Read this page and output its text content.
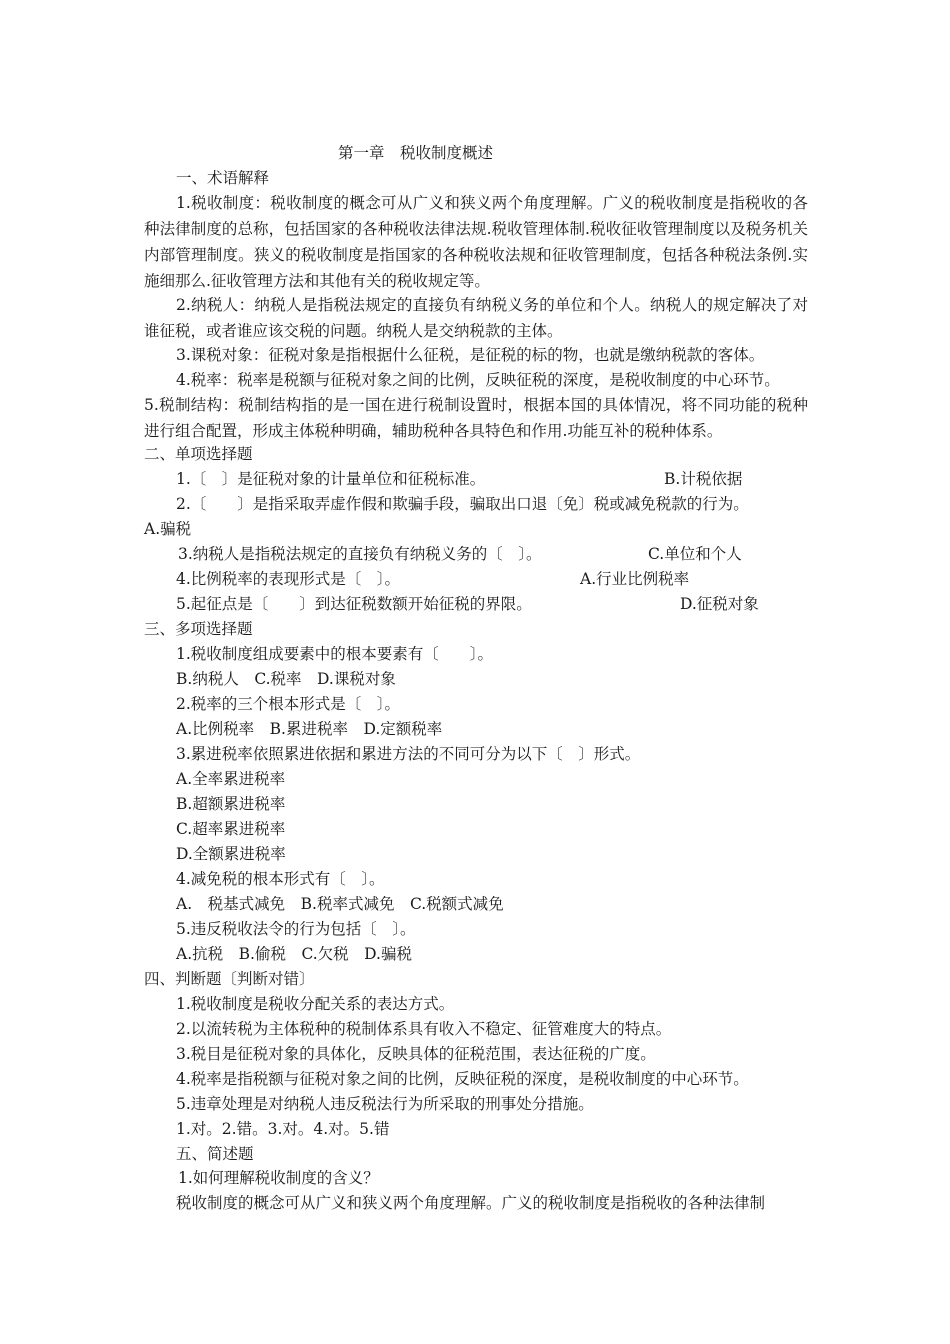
第一章　税收制度概述

一、术语解释

1.税收制度：税收制度的概念可从广义和狭义两个角度理解。广义的税收制度是指税收的各种法律制度的总称，包括国家的各种税收法律法规.税收管理体制.税收征收管理制度以及税务机关内部管理制度。狭义的税收制度是指国家的各种税收法规和征收管理制度，包括各种税法条例.实施细那么.征收管理方法和其他有关的税收规定等。

2.纳税人：纳税人是指税法规定的直接负有纳税义务的单位和个人。纳税人的规定解决了对谁征税，或者谁应该交税的问题。纳税人是交纳税款的主体。

3.课税对象：征税对象是指根据什么征税，是征税的标的物，也就是缴纳税款的客体。

4.税率：税率是税额与征税对象之间的比例，反映征税的深度，是税收制度的中心环节。

5.税制结构：税制结构指的是一国在进行税制设置时，根据本国的具体情况，将不同功能的税种进行组合配置，形成主体税种明确，辅助税种各具特色和作用.功能互补的税种体系。

二、单项选择题

1.〔　〕是征税对象的计量单位和征税标准。	B.计税依据

2.〔　　〕是指采取弄虚作假和欺骗手段，骗取出口退〔免〕税或减免税款的行为。

A.骗税

3.纳税人是指税法规定的直接负有纳税义务的〔　〕。	C.单位和个人

4.比例税率的表现形式是〔　〕。	A.行业比例税率

5.起征点是〔　　〕到达征税数额开始征税的界限。	D.征税对象

三、多项选择题

1.税收制度组成要素中的根本要素有〔　　〕。

B.纳税人　C.税率　D.课税对象

2.税率的三个根本形式是〔　〕。

A.比例税率　B.累进税率　D.定额税率

3.累进税率依照累进依据和累进方法的不同可分为以下〔　〕形式。

A.全率累进税率

B.超额累进税率

C.超率累进税率

D.全额累进税率

4.减免税的根本形式有〔　〕。

A.　税基式减免　B.税率式减免　C.税额式减免

5.违反税收法令的行为包括〔　〕。

A.抗税　B.偷税　C.欠税　D.骗税

四、判断题〔判断对错〕

1.税收制度是税收分配关系的表达方式。

2.以流转税为主体税种的税制体系具有收入不稳定、征管难度大的特点。

3.税目是征税对象的具体化，反映具体的征税范围，表达征税的广度。

4.税率是指税额与征税对象之间的比例，反映征税的深度，是税收制度的中心环节。

5.违章处理是对纳税人违反税法行为所采取的刑事处分措施。

1.对。2.错。3.对。4.对。5.错

五、简述题

1.如何理解税收制度的含义？

税收制度的概念可从广义和狭义两个角度理解。广义的税收制度是指税收的各种法律制
